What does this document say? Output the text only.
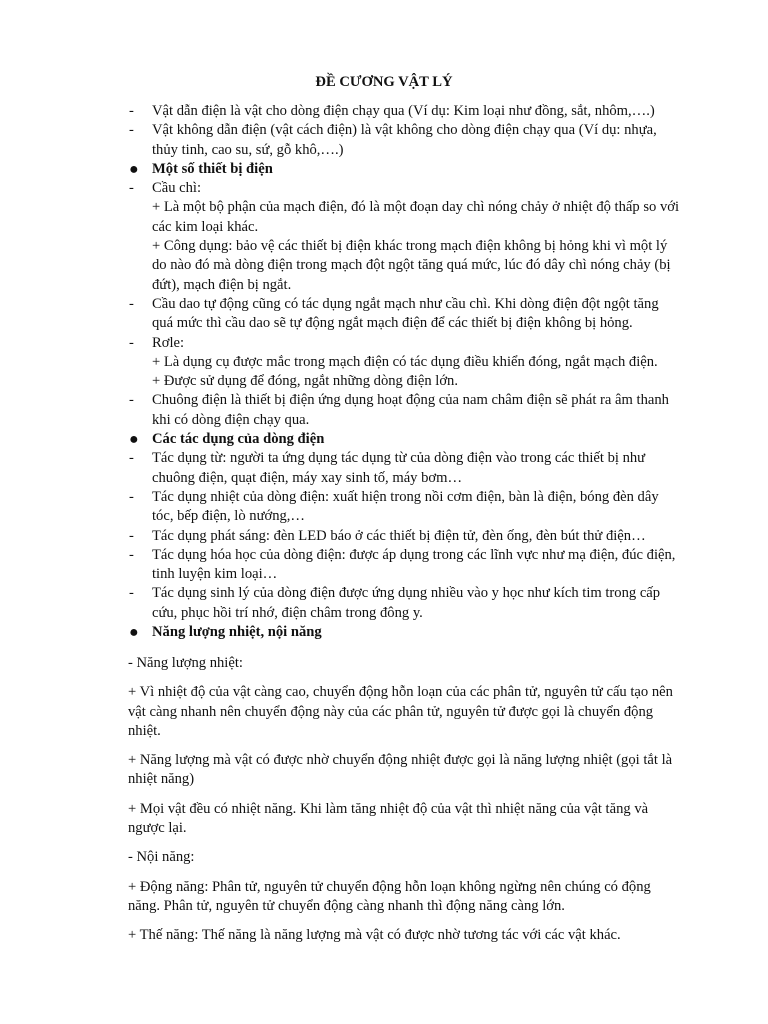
ĐỀ CƯƠNG VẬT LÝ
-	Vật dẫn điện là vật cho dòng điện chạy qua (Ví dụ: Kim loại như đồng, sắt, nhôm,….)
-	Vật không dẫn điện (vật cách điện) là vật không cho dòng điện chạy qua (Ví dụ: nhựa,
thủy tinh, cao su, sứ, gỗ khô,….)
● Một số thiết bị điện
-	Cầu chì:
+ Là một bộ phận của mạch điện, đó là một đoạn day chì nóng chảy ở nhiệt độ thấp so với
các kim loại khác.
+ Công dụng: bảo vệ các thiết bị điện khác trong mạch điện không bị hỏng khi vì một lý
do nào đó mà dòng điện trong mạch đột ngột tăng quá mức, lúc đó dây chì nóng chảy (bị
đứt), mạch điện bị ngắt.
-	Cầu dao tự động cũng có tác dụng ngắt mạch như cầu chì. Khi dòng điện đột ngột tăng
quá mức thì cầu dao sẽ tự động ngắt mạch điện để các thiết bị điện không bị hỏng.
-	Rơle:
+ Là dụng cụ được mắc trong mạch điện có tác dụng điều khiển đóng, ngắt mạch điện.
+ Được sử dụng để đóng, ngắt những dòng điện lớn.
-	Chuông điện là thiết bị điện ứng dụng hoạt động của nam châm điện sẽ phát ra âm thanh
khi có dòng điện chạy qua.
● Các tác dụng của dòng điện
-	Tác dụng từ: người ta ứng dụng tác dụng từ của dòng điện vào trong các thiết bị như
chuông điện, quạt điện, máy xay sinh tố, máy bơm…
-	Tác dụng nhiệt của dòng điện: xuất hiện trong nồi cơm điện, bàn là điện, bóng đèn dây
tóc, bếp điện, lò nướng,…
-	Tác dụng phát sáng: đèn LED báo ở các thiết bị điện tử, đèn ống, đèn bút thử điện…
-	Tác dụng hóa học của dòng điện: được áp dụng trong các lĩnh vực như mạ điện, đúc điện,
tinh luyện kim loại…
-	Tác dụng sinh lý của dòng điện được ứng dụng nhiều vào y học như kích tim trong cấp
cứu, phục hồi trí nhớ, điện châm trong đông y.
● Năng lượng nhiệt, nội năng

- Năng lượng nhiệt:

+ Vì nhiệt độ của vật càng cao, chuyển động hỗn loạn của các phân tử, nguyên tử cấu tạo nên
vật càng nhanh nên chuyển động này của các phân tử, nguyên tử được gọi là chuyển động
nhiệt.

+ Năng lượng mà vật có được nhờ chuyển động nhiệt được gọi là năng lượng nhiệt (gọi tắt là
nhiệt năng)

+ Mọi vật đều có nhiệt năng. Khi làm tăng nhiệt độ của vật thì nhiệt năng của vật tăng và
ngược lại.

- Nội năng:

+ Động năng: Phân tử, nguyên tử chuyển động hỗn loạn không ngừng nên chúng có động
năng. Phân tử, nguyên tử chuyển động càng nhanh thì động năng càng lớn.

+ Thế năng: Thế năng là năng lượng mà vật có được nhờ tương tác với các vật khác.
